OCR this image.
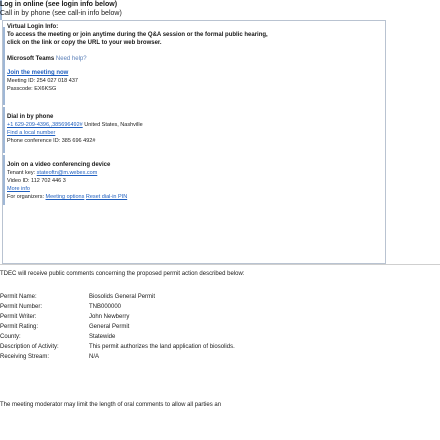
Log in online (see login info below)
Call in by phone (see call-in info below)
Virtual Login Info:
To access the meeting or join anytime during the Q&A session or the formal public hearing,
click on the link or copy the URL to your web browser.
Microsoft Teams Need help?
Join the meeting now
Meeting ID: 254 027 018 437
Passcode: EX6KSG
Dial in by phone
+1 629-209-4396,,385696492# United States, Nashville
Find a local number
Phone conference ID: 385 696 492#
Join on a video conferencing device
Tenant key: stateoftn@m.webex.com
Video ID: 112 702 446 3
More info
For organizers: Meeting options Reset dial-in PIN
TDEC will receive public comments concerning the proposed permit action described below:
Permit Name:	Biosolids General Permit
Permit Number:	TNB000000
Permit Writer:	John Newberry
Permit Rating:	General Permit
County:	Statewide
Description of Activity:	This permit authorizes the land application of biosolids.
Receiving Stream:	N/A
The meeting moderator may limit the length of oral comments to allow all parties an
